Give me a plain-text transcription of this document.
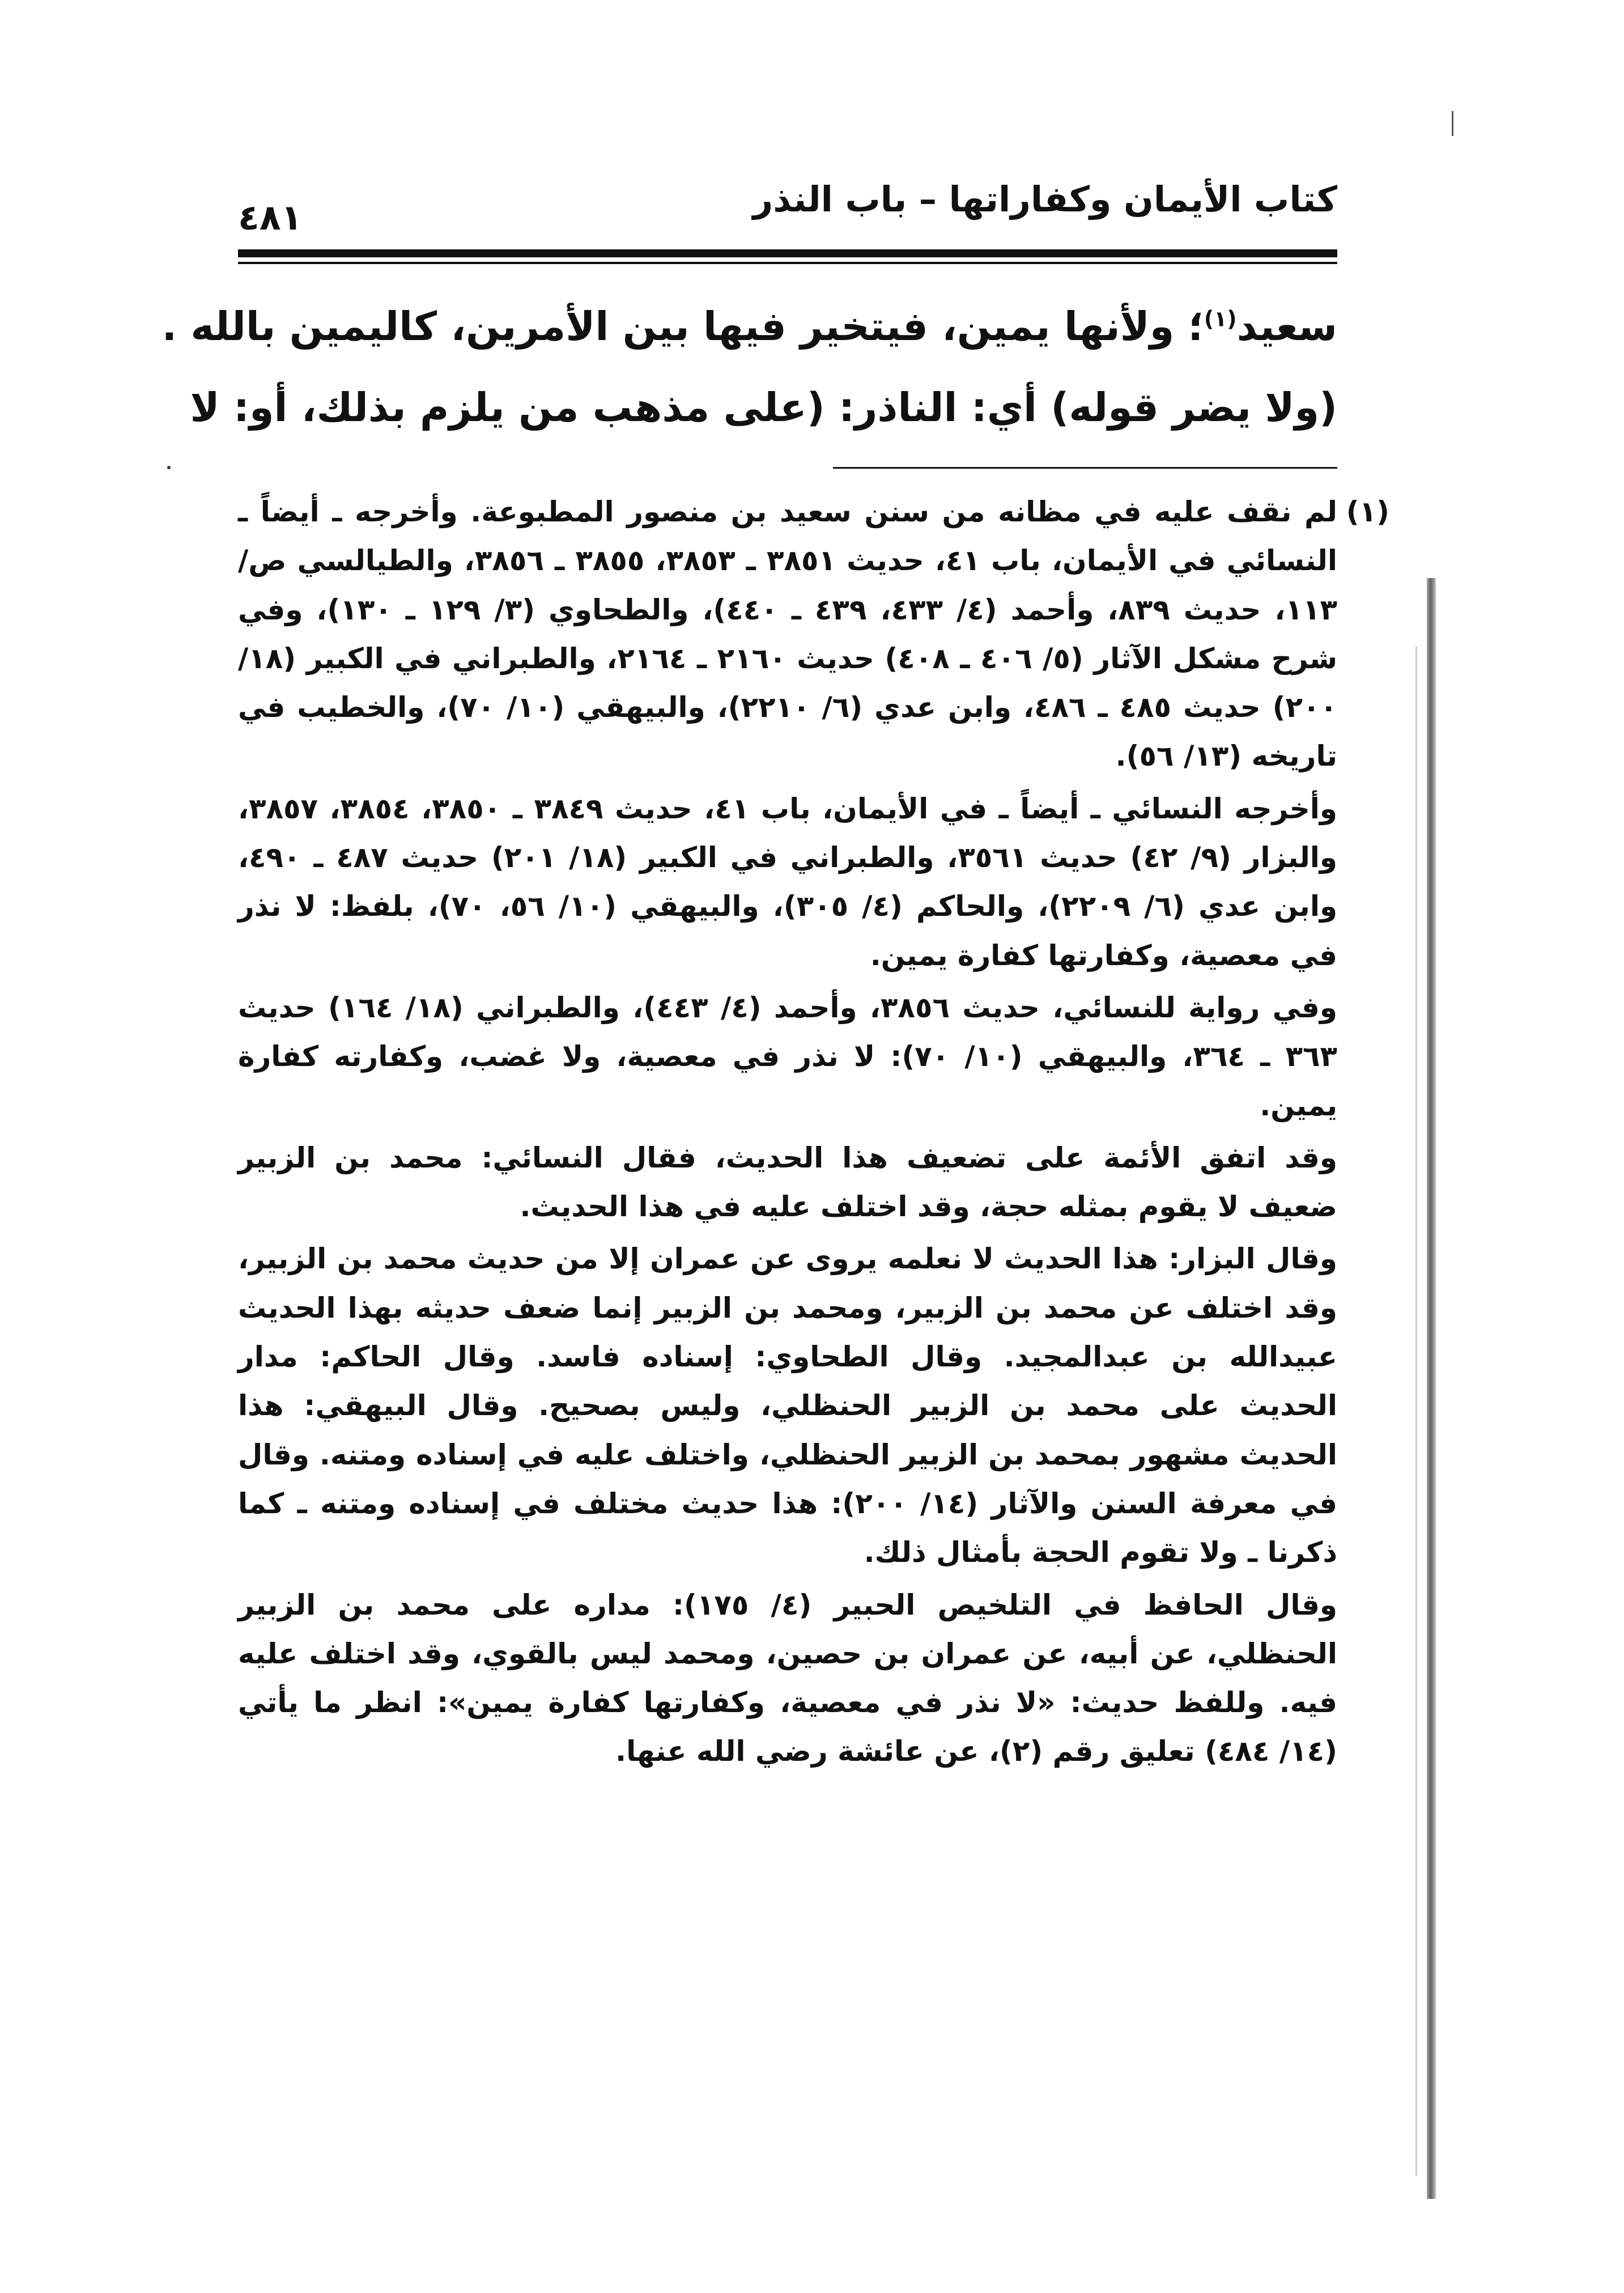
كتاب الأيمان وكفاراتها – باب النذر
٤٨١

سعيد$^{(١)}$؛ ولأنها يمين، فيتخير فيها بين الأمرين، كاليمين بالله .

(ولا يضر قوله) أي: الناذر: (على مذهب من يلزم بذلك، أو: لا

(١)

لم نقف عليه في مظانه من سنن سعيد بن منصور المطبوعة. وأخرجه ـ أيضاً ـ النسائي في الأيمان، باب ٤١، حديث ٣٨٥١ ـ ٣٨٥٣، ٣٨٥٥ ـ ٣٨٥٦، والطيالسي ص/١١٣، حديث ٨٣٩، وأحمد (٤/ ٤٣٣، ٤٣٩ ـ ٤٤٠)، والطحاوي (٣/ ١٢٩ ـ ١٣٠)، وفي شرح مشكل الآثار (٥/ ٤٠٦ ـ ٤٠٨) حديث ٢١٦٠ ـ ٢١٦٤، والطبراني في الكبير (١٨/ ٢٠٠) حديث ٤٨٥ ـ ٤٨٦، وابن عدي (٦/ ٢٢١٠)، والبيهقي (١٠/ ٧٠)، والخطيب في تاريخه (١٣/ ٥٦).

وأخرجه النسائي ـ أيضاً ـ في الأيمان، باب ٤١، حديث ٣٨٤٩ ـ ٣٨٥٠، ٣٨٥٤، ٣٨٥٧، والبزار (٩/ ٤٢) حديث ٣٥٦١، والطبراني في الكبير (١٨/ ٢٠١) حديث ٤٨٧ ـ ٤٩٠، وابن عدي (٦/ ٢٢٠٩)، والحاكم (٤/ ٣٠٥)، والبيهقي (١٠/ ٥٦، ٧٠)، بلفظ: لا نذر في معصية، وكفارتها كفارة يمين.

وفي رواية للنسائي، حديث ٣٨٥٦، وأحمد (٤/ ٤٤٣)، والطبراني (١٨/ ١٦٤) حديث ٣٦٣ ـ ٣٦٤، والبيهقي (١٠/ ٧٠): لا نذر في معصية، ولا غضب، وكفارته كفارة يمين.

وقد اتفق الأئمة على تضعيف هذا الحديث، فقال النسائي: محمد بن الزبير ضعيف لا يقوم بمثله حجة، وقد اختلف عليه في هذا الحديث.

وقال البزار: هذا الحديث لا نعلمه يروى عن عمران إلا من حديث محمد بن الزبير، وقد اختلف عن محمد بن الزبير، ومحمد بن الزبير إنما ضعف حديثه بهذا الحديث عبيدالله بن عبدالمجيد. وقال الطحاوي: إسناده فاسد. وقال الحاكم: مدار الحديث على محمد بن الزبير الحنظلي، وليس بصحيح. وقال البيهقي: هذا الحديث مشهور بمحمد بن الزبير الحنظلي، واختلف عليه في إسناده ومتنه. وقال في معرفة السنن والآثار (١٤/ ٢٠٠): هذا حديث مختلف في إسناده ومتنه ـ كما ذكرنا ـ ولا تقوم الحجة بأمثال ذلك.

وقال الحافظ في التلخيص الحبير (٤/ ١٧٥): مداره على محمد بن الزبير الحنظلي، عن أبيه، عن عمران بن حصين، ومحمد ليس بالقوي، وقد اختلف عليه فيه. وللفظ حديث: «لا نذر في معصية، وكفارتها كفارة يمين»: انظر ما يأتي (١٤/ ٤٨٤) تعليق رقم (٢)، عن عائشة رضي الله عنها.
